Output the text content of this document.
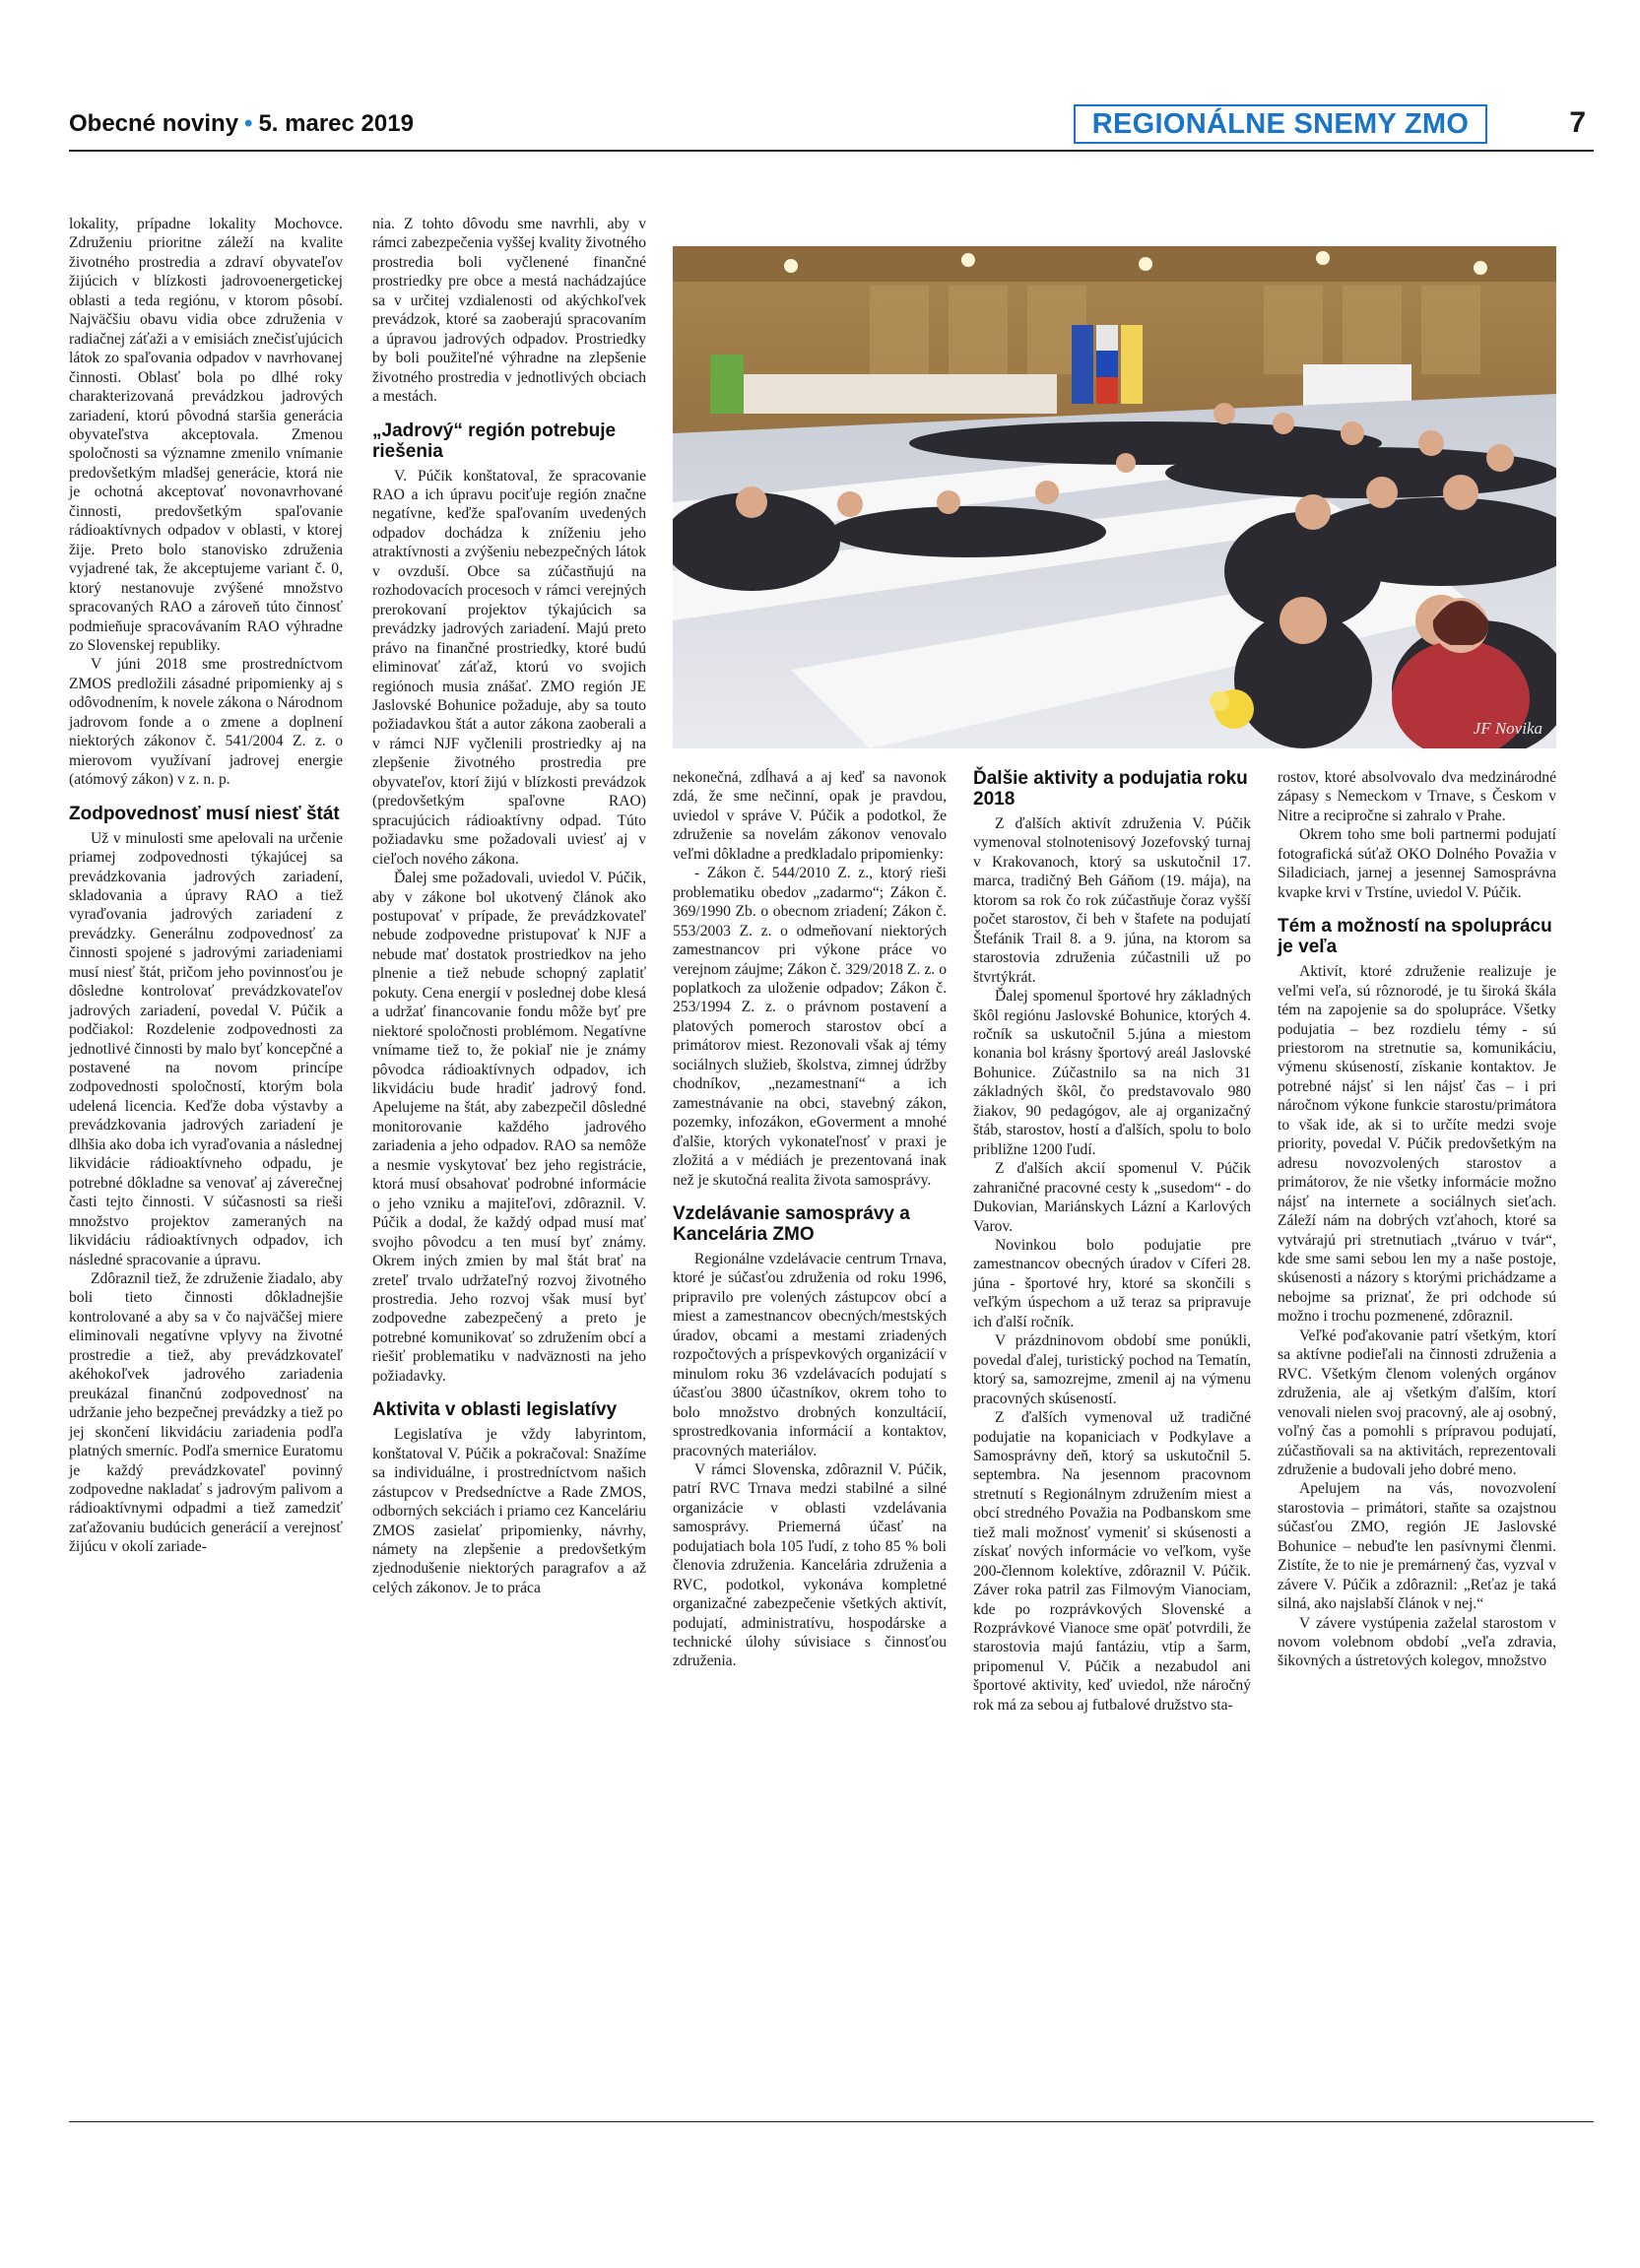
Obecné noviny • 5. marec 2019	REGIONÁLNE SNEMY ZMO	7
JF Novika

lokality, prípadne lokality Mochovce. Združeniu prioritne záleží na kvalite životného prostredia a zdraví obyvateľov žijúcich v blízkosti jadrovoenergetickej oblasti a teda regiónu, v ktorom pôsobí. Najväčšiu obavu vidia obce združenia v radiačnej záťaži a v emisiách znečisťujúcich látok zo spaľovania odpadov v navrhovanej činnosti. Oblasť bola po dlhé roky charakterizovaná prevádzkou jadrových zariadení, ktorú pôvodná staršia generácia obyvateľstva akceptovala. Zmenou spoločnosti sa významne zmenilo vnímanie predovšetkým mladšej generácie, ktorá nie je ochotná akceptovať novonavrhované činnosti, predovšetkým spaľovanie rádioaktívnych odpadov v oblasti, v ktorej žije. Preto bolo stanovisko združenia vyjadrené tak, že akceptujeme variant č. 0, ktorý nestanovuje zvýšené množstvo spracovaných RAO a zároveň túto činnosť podmieňuje spracovávaním RAO výhradne zo Slovenskej republiky.

V júni 2018 sme prostredníctvom ZMOS predložili zásadné pripomienky aj s odôvodnením, k novele zákona o Národnom jadrovom fonde a o zmene a doplnení niektorých zákonov č. 541/2004 Z. z. o mierovom využívaní jadrovej energie (atómový zákon) v z. n. p.

Zodpovednosť musí niesť štát

Už v minulosti sme apelovali na určenie priamej zodpovednosti týkajúcej sa prevádzkovania jadrových zariadení, skladovania a úpravy RAO a tiež vyraďovania jadrových zariadení z prevádzky. Generálnu zodpovednosť za činnosti spojené s jadrovými zariadeniami musí niesť štát, pričom jeho povinnosťou je dôsledne kontrolovať prevádzkovateľov jadrových zariadení, povedal V. Púčik a podčiakol: Rozdelenie zodpovednosti za jednotlivé činnosti by malo byť koncepčné a postavené na novom princípe zodpovednosti spoločností, ktorým bola udelená licencia. Keďže doba výstavby a prevádzkovania jadrových zariadení je dlhšia ako doba ich vyraďovania a následnej likvidácie rádioaktívneho odpadu, je potrebné dôkladne sa venovať aj záverečnej časti tejto činnosti. V súčasnosti sa rieši množstvo projektov zameraných na likvidáciu rádioaktívnych odpadov, ich následné spracovanie a úpravu.

Zdôraznil tiež, že združenie žiadalo, aby boli tieto činnosti dôkladnejšie kontrolované a aby sa v čo najväčšej miere eliminovali negatívne vplyvy na životné prostredie a tiež, aby prevádzkovateľ akéhokoľvek jadrového zariadenia preukázal finančnú zodpovednosť na udržanie jeho bezpečnej prevádzky a tiež po jej skončení likvidáciu zariadenia podľa platných smerníc. Podľa smernice Euratomu je každý prevádzkovateľ povinný zodpovedne nakladať s jadrovým palivom a rádioaktívnymi odpadmi a tiež zamedziť zaťažovaniu budúcich generácií a verejnosť žijúcu v okolí zariade-

nia. Z tohto dôvodu sme navrhli, aby v rámci zabezpečenia vyššej kvality životného prostredia boli vyčlenené finančné prostriedky pre obce a mestá nachádzajúce sa v určitej vzdialenosti od akýchkoľvek prevádzok, ktoré sa zaoberajú spracovaním a úpravou jadrových odpadov. Prostriedky by boli použiteľné výhradne na zlepšenie životného prostredia v jednotlivých obciach a mestách.

„Jadrový“ región potrebuje riešenia

V. Púčik konštatoval, že spracovanie RAO a ich úpravu pociťuje región značne negatívne, keďže spaľovaním uvedených odpadov dochádza k zníženiu jeho atraktívnosti a zvýšeniu nebezpečných látok v ovzduší. Obce sa zúčastňujú na rozhodovacích procesoch v rámci verejných prerokovaní projektov týkajúcich sa prevádzky jadrových zariadení. Majú preto právo na finančné prostriedky, ktoré budú eliminovať záťaž, ktorú vo svojich regiónoch musia znášať. ZMO región JE Jaslovské Bohunice požaduje, aby sa touto požiadavkou štát a autor zákona zaoberali a v rámci NJF vyčlenili prostriedky aj na zlepšenie životného prostredia pre obyvateľov, ktorí žijú v blízkosti prevádzok (predovšetkým spaľovne RAO) spracujúcich rádioaktívny odpad. Túto požiadavku sme požadovali uviesť aj v cieľoch nového zákona.

Ďalej sme požadovali, uviedol V. Púčik, aby v zákone bol ukotvený článok ako postupovať v prípade, že prevádzkovateľ nebude zodpovedne pristupovať k NJF a nebude mať dostatok prostriedkov na jeho plnenie a tiež nebude schopný zaplatiť pokuty. Cena energií v poslednej dobe klesá a udržať financovanie fondu môže byť pre niektoré spoločnosti problémom. Negatívne vnímame tiež to, že pokiaľ nie je známy pôvodca rádioaktívnych odpadov, ich likvidáciu bude hradiť jadrový fond. Apelujeme na štát, aby zabezpečil dôsledné monitorovanie každého jadrového zariadenia a jeho odpadov. RAO sa nemôže a nesmie vyskytovať bez jeho registrácie, ktorá musí obsahovať podrobné informácie o jeho vzniku a majiteľovi, zdôraznil. V. Púčik a dodal, že každý odpad musí mať svojho pôvodcu a ten musí byť známy. Okrem iných zmien by mal štát brať na zreteľ trvalo udržateľný rozvoj životného prostredia. Jeho rozvoj však musí byť zodpovedne zabezpečený a preto je potrebné komunikovať so združením obcí a riešiť problematiku v nadväznosti na jeho požiadavky.

Aktivita v oblasti legislatívy

Legislatíva je vždy labyrintom, konštatoval V. Púčik a pokračoval: Snažíme sa individuálne, i prostredníctvom našich zástupcov v Predsedníctve a Rade ZMOS, odborných sekciách i priamo cez Kanceláriu ZMOS zasielať pripomienky, návrhy, námety na zlepšenie a predovšetkým zjednodušenie niektorých paragrafov a až celých zákonov. Je to práca

nekonečná, zdĺhavá a aj keď sa navonok zdá, že sme nečinní, opak je pravdou, uviedol v správe V. Púčik a podotkol, že združenie sa novelám zákonov venovalo veľmi dôkladne a predkladalo pripomienky:

- Zákon č. 544/2010 Z. z., ktorý rieši problematiku obedov „zadarmo“; Zákon č. 369/1990 Zb. o obecnom zriadení; Zákon č. 553/2003 Z. z. o odmeňovaní niektorých zamestnancov pri výkone práce vo verejnom záujme; Zákon č. 329/2018 Z. z. o poplatkoch za uloženie odpadov; Zákon č. 253/1994 Z. z. o právnom postavení a platových pomeroch starostov obcí a primátorov miest. Rezonovali však aj témy sociálnych služieb, školstva, zimnej údržby chodníkov, „nezamestnaní“ a ich zamestnávanie na obci, stavebný zákon, pozemky, infozákon, eGoverment a mnohé ďalšie, ktorých vykonateľnosť v praxi je zložitá a v médiách je prezentovaná inak než je skutočná realita života samosprávy.

Vzdelávanie samosprávy a Kancelária ZMO

Regionálne vzdelávacie centrum Trnava, ktoré je súčasťou združenia od roku 1996, pripravilo pre volených zástupcov obcí a miest a zamestnancov obecných/mestských úradov, obcami a mestami zriadených rozpočtových a príspevkových organizácií v minulom roku 36 vzdelávacích podujatí s účasťou 3800 účastníkov, okrem toho to bolo množstvo drobných konzultácií, sprostredkovania informácií a kontaktov, pracovných materiálov.

V rámci Slovenska, zdôraznil V. Púčik, patrí RVC Trnava medzi stabilné a silné organizácie v oblasti vzdelávania samosprávy. Priemerná účasť na podujatiach bola 105 ľudí, z toho 85 % boli členovia združenia. Kancelária združenia a RVC, podotkol, vykonáva kompletné organizačné zabezpečenie všetkých aktivít, podujatí, administratívu, hospodárske a technické úlohy súvisiace s činnosťou združenia.

Ďalšie aktivity a podujatia roku 2018

Z ďalších aktivít združenia V. Púčik vymenoval stolnotenisový Jozefovský turnaj v Krakovanoch, ktorý sa uskutočnil 17. marca, tradičný Beh Gáňom (19. mája), na ktorom sa rok čo rok zúčastňuje čoraz vyšší počet starostov, či beh v štafete na podujatí Štefánik Trail 8. a 9. júna, na ktorom sa starostovia združenia zúčastnili už po štvrtýkrát.

Ďalej spomenul športové hry základných škôl regiónu Jaslovské Bohunice, ktorých 4. ročník sa uskutočnil 5.júna a miestom konania bol krásny športový areál Jaslovské Bohunice. Zúčastnilo sa na nich 31 základných škôl, čo predstavovalo 980 žiakov, 90 pedagógov, ale aj organizačný štáb, starostov, hostí a ďalších, spolu to bolo približne 1200 ľudí.

Z ďalších akcií spomenul V. Púčik zahraničné pracovné cesty k „susedom“ - do Dukovian, Mariánskych Lázní a Karlových Varov.

Novinkou bolo podujatie pre zamestnancov obecných úradov v Cíferi 28. júna - športové hry, ktoré sa skončili s veľkým úspechom a už teraz sa pripravuje ich ďalší ročník.

V prázdninovom období sme ponúkli, povedal ďalej, turistický pochod na Tematín, ktorý sa, samozrejme, zmenil aj na výmenu pracovných skúseností.

Z ďalších vymenoval už tradičné podujatie na kopaniciach v Podkylave a Samosprávny deň, ktorý sa uskutočnil 5. septembra. Na jesennom pracovnom stretnutí s Regionálnym združením miest a obcí stredného Považia na Podbanskom sme tiež mali možnosť vymeniť si skúsenosti a získať nových informácie vo veľkom, vyše 200-člennom kolektíve, zdôraznil V. Púčik. Záver roka patril zas Filmovým Vianociam, kde po rozprávkových Slovenské a Rozprávkové Vianoce sme opäť potvrdili, že starostovia majú fantáziu, vtip a šarm, pripomenul V. Púčik a nezabudol ani športové aktivity, keď uviedol, nže náročný rok má za sebou aj futbalové družstvo sta-

rostov, ktoré absolvovalo dva medzinárodné zápasy s Nemeckom v Trnave, s Českom v Nitre a recipročne si zahralo v Prahe.

Okrem toho sme boli partnermi podujatí fotografická súťaž OKO Dolného Považia v Siladiciach, jarnej a jesennej Samosprávna kvapke krvi v Trstíne, uviedol V. Púčik.

Tém a možností na spoluprácu je veľa

Aktivít, ktoré združenie realizuje je veľmi veľa, sú rôznorodé, je tu široká škála tém na zapojenie sa do spolupráce. Všetky podujatia – bez rozdielu témy - sú priestorom na stretnutie sa, komunikáciu, výmenu skúseností, získanie kontaktov. Je potrebné nájsť si len nájsť čas – i pri náročnom výkone funkcie starostu/primátora to však ide, ak si to určíte medzi svoje priority, povedal V. Púčik predovšetkým na adresu novozvolených starostov a primátorov, že nie všetky informácie možno nájsť na internete a sociálnych sieťach. Záleží nám na dobrých vzťahoch, ktoré sa vytvárajú pri stretnutiach „tváruo v tvár“, kde sme sami sebou len my a naše postoje, skúsenosti a názory s ktorými prichádzame a nebojme sa priznať, že pri odchode sú možno i trochu pozmenené, zdôraznil.

Veľké poďakovanie patrí všetkým, ktorí sa aktívne podieľali na činnosti združenia a RVC. Všetkým členom volených orgánov združenia, ale aj všetkým ďalším, ktorí venovali nielen svoj pracovný, ale aj osobný, voľný čas a pomohli s prípravou podujatí, zúčastňovali sa na aktivitách, reprezentovali združenie a budovali jeho dobré meno.

Apelujem na vás, novozvolení starostovia – primátori, staňte sa ozajstnou súčasťou ZMO, región JE Jaslovské Bohunice – nebuďte len pasívnymi členmi. Zistíte, že to nie je premárnený čas, vyzval v závere V. Púčik a zdôraznil: „Reťaz je taká silná, ako najslabší článok v nej.“

V závere vystúpenia zaželal starostom v novom volebnom období „veľa zdravia, šikovných a ústretových kolegov, množstvo
